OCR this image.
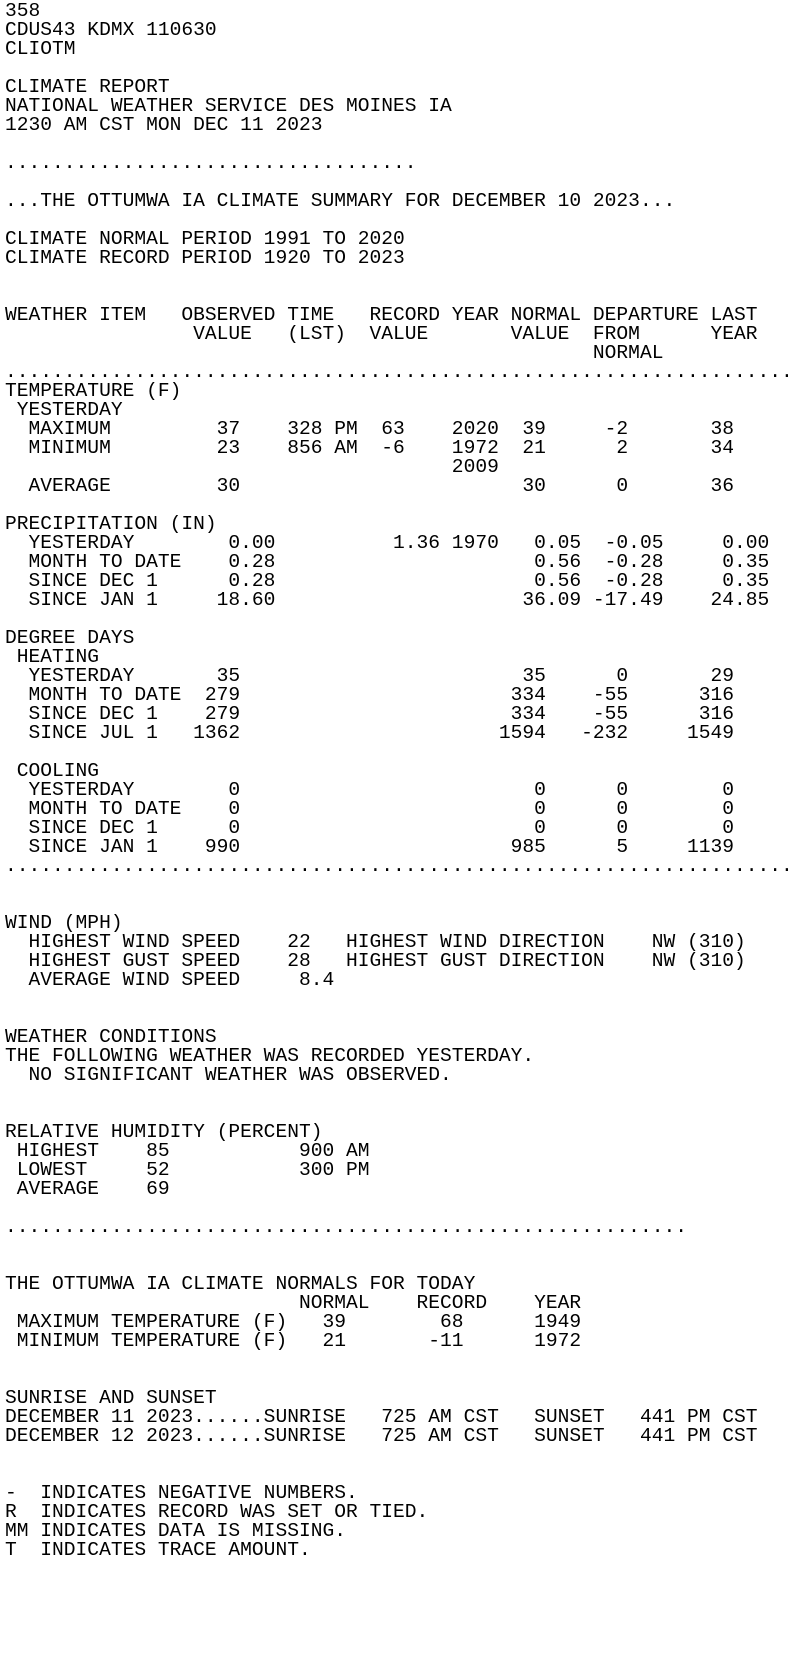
358
CDUS43 KDMX 110630
CLIOTM
CLIMATE REPORT
NATIONAL WEATHER SERVICE DES MOINES IA
1230 AM CST MON DEC 11 2023
...................................
...THE OTTUMWA IA CLIMATE SUMMARY FOR DECEMBER 10 2023...
CLIMATE NORMAL PERIOD 1991 TO 2020
CLIMATE RECORD PERIOD 1920 TO 2023
WEATHER ITEM   OBSERVED TIME   RECORD YEAR NORMAL DEPARTURE LAST
VALUE   (LST)  VALUE       VALUE  FROM      YEAR
NORMAL
...................................................................
TEMPERATURE (F)
YESTERDAY
MAXIMUM         37    328 PM  63    2020  39     -2       38
MINIMUM         23    856 AM  -6    1972  21      2       34
2009
AVERAGE         30                        30      0       36
PRECIPITATION (IN)
YESTERDAY        0.00          1.36 1970   0.05  -0.05     0.00
MONTH TO DATE    0.28                      0.56  -0.28     0.35
SINCE DEC 1      0.28                      0.56  -0.28     0.35
SINCE JAN 1     18.60                     36.09 -17.49    24.85
DEGREE DAYS
HEATING
YESTERDAY       35                        35      0       29
MONTH TO DATE  279                       334    -55      316
SINCE DEC 1    279                       334    -55      316
SINCE JUL 1   1362                      1594   -232     1549
COOLING
YESTERDAY        0                         0      0        0
MONTH TO DATE    0                         0      0        0
SINCE DEC 1      0                         0      0        0
SINCE JAN 1    990                       985      5     1139
...................................................................
WIND (MPH)
HIGHEST WIND SPEED    22   HIGHEST WIND DIRECTION    NW (310)
HIGHEST GUST SPEED    28   HIGHEST GUST DIRECTION    NW (310)
AVERAGE WIND SPEED     8.4
WEATHER CONDITIONS
THE FOLLOWING WEATHER WAS RECORDED YESTERDAY.
NO SIGNIFICANT WEATHER WAS OBSERVED.
RELATIVE HUMIDITY (PERCENT)
HIGHEST    85           900 AM
LOWEST     52           300 PM
AVERAGE    69
..........................................................
THE OTTUMWA IA CLIMATE NORMALS FOR TODAY
NORMAL    RECORD    YEAR
MAXIMUM TEMPERATURE (F)   39        68      1949
MINIMUM TEMPERATURE (F)   21       -11      1972
SUNRISE AND SUNSET
DECEMBER 11 2023......SUNRISE   725 AM CST   SUNSET   441 PM CST
DECEMBER 12 2023......SUNRISE   725 AM CST   SUNSET   441 PM CST
-  INDICATES NEGATIVE NUMBERS.
R  INDICATES RECORD WAS SET OR TIED.
MM INDICATES DATA IS MISSING.
T  INDICATES TRACE AMOUNT.
